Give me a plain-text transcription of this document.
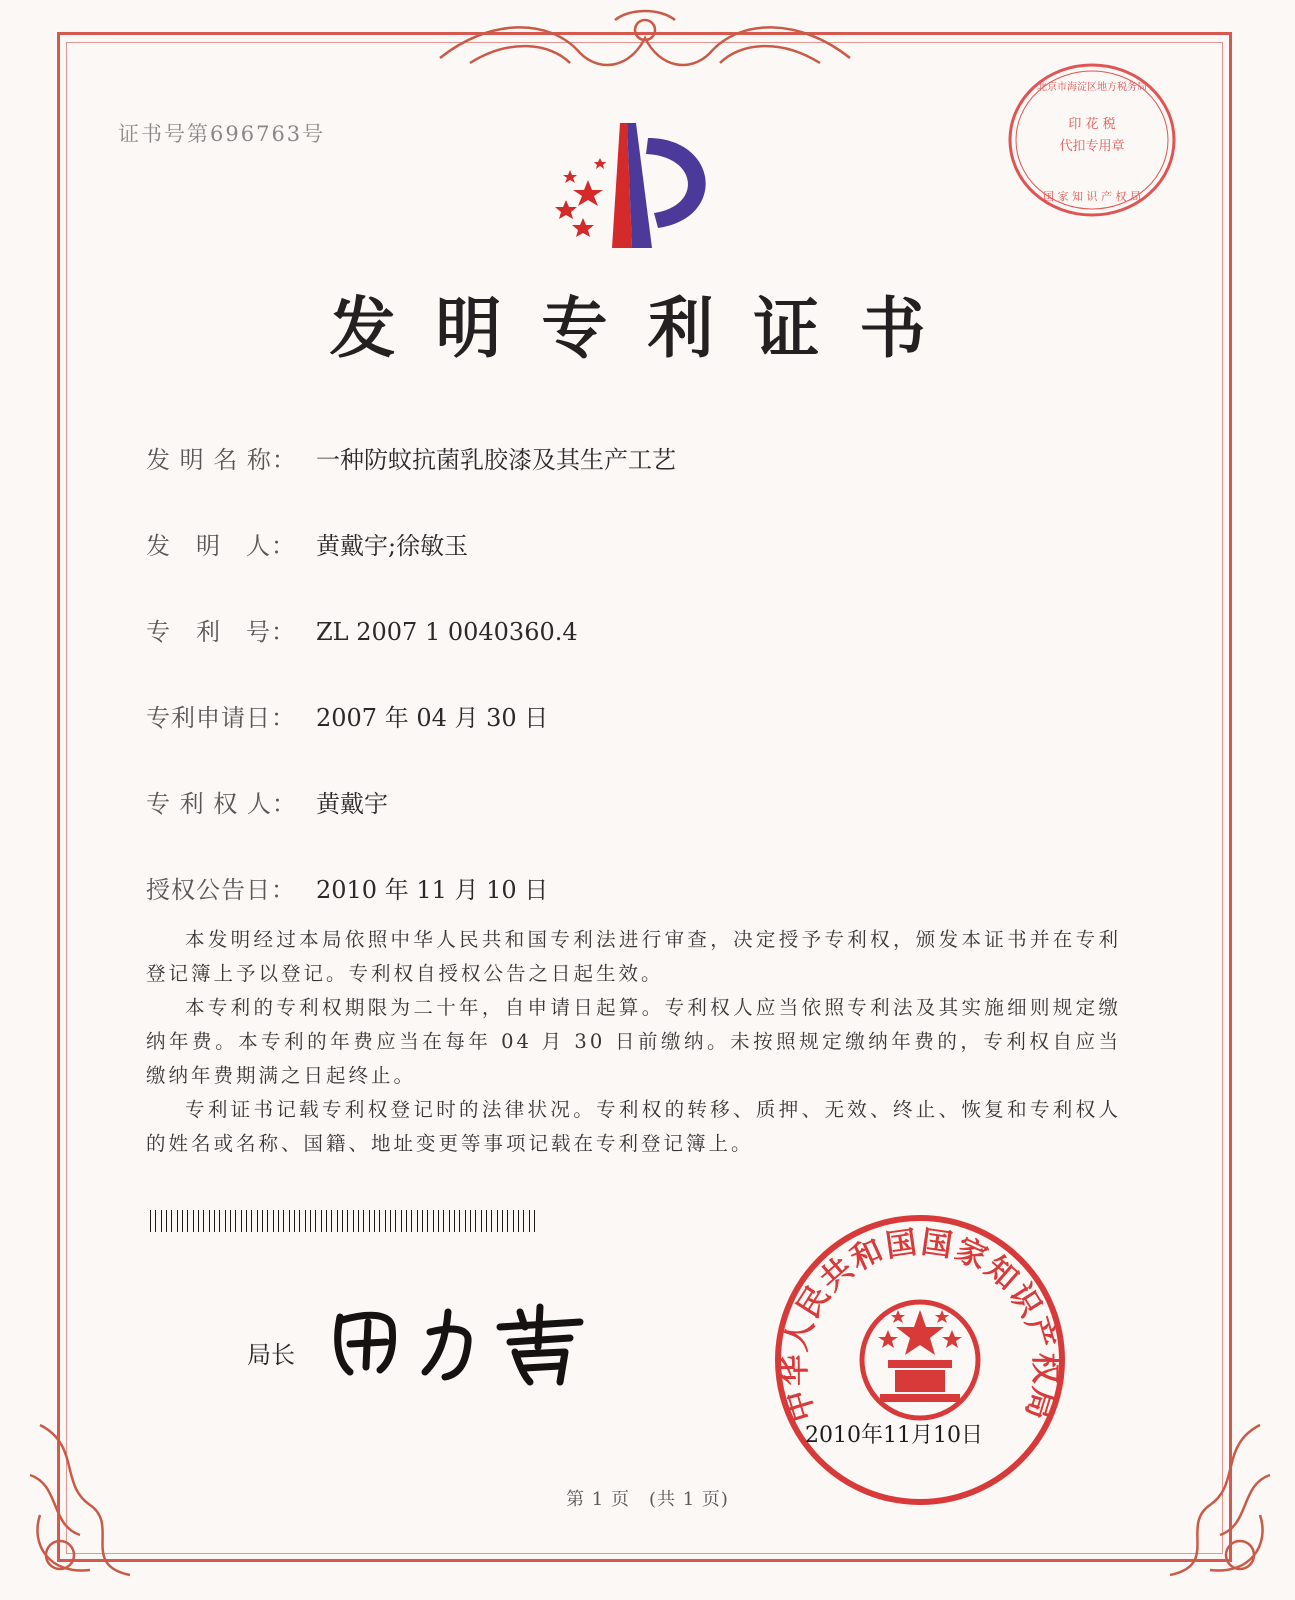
证书号第696763号	印 花 税
代扣专用章
北京市海淀区地方税务局
国 家 知 识 产 权 局
发明专利证书
发 明 名 称： 一种防蚊抗菌乳胶漆及其生产工艺
发　明　人： 黄戴宇;徐敏玉
专　利　号： ZL 2007 1 0040360.4
专利申请日： 2007 年 04 月 30 日
专 利 权 人： 黄戴宇
授权公告日： 2010 年 11 月 10 日

本发明经过本局依照中华人民共和国专利法进行审查，决定授予专利权，颁发本证书并在专利登记簿上予以登记。专利权自授权公告之日起生效。

本专利的专利权期限为二十年，自申请日起算。专利权人应当依照专利法及其实施细则规定缴纳年费。本专利的年费应当在每年 04 月 30 日前缴纳。未按照规定缴纳年费的，专利权自应当缴纳年费期满之日起终止。

专利证书记载专利权登记时的法律状况。专利权的转移、质押、无效、终止、恢复和专利权人的姓名或名称、国籍、地址变更等事项记载在专利登记簿上。

局长
中华人民共和国国家知识产权局
2010年11月10日
第 1 页　(共 1 页)
